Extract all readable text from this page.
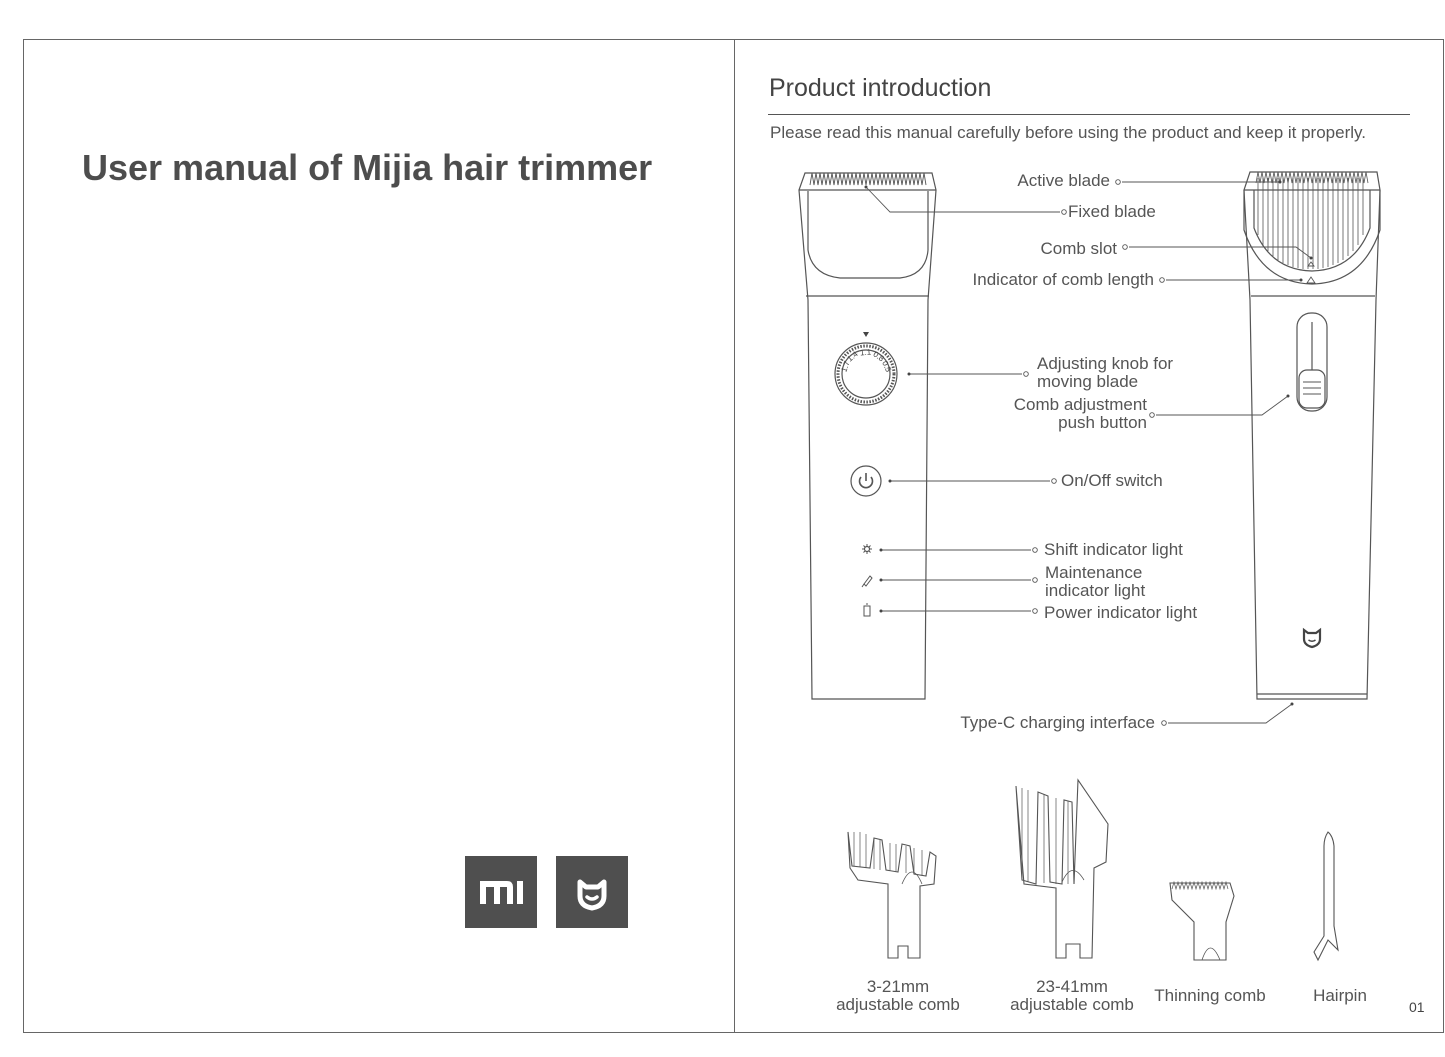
User manual of Mijia hair trimmer
Product introduction
Please read this manual carefully before using the product and keep it properly.
1.7
1.4 1.1 0.8
0.5
Active blade
Fixed blade
Comb slot
Indicator of comb length
Adjusting knob for
moving blade
Comb adjustment
push button
On/Off switch
Shift indicator light
Maintenance
indicator light
Power indicator light
Type-C charging interface
3-21mm
adjustable comb
23-41mm
adjustable comb	Thinning comb	Hairpin
01
